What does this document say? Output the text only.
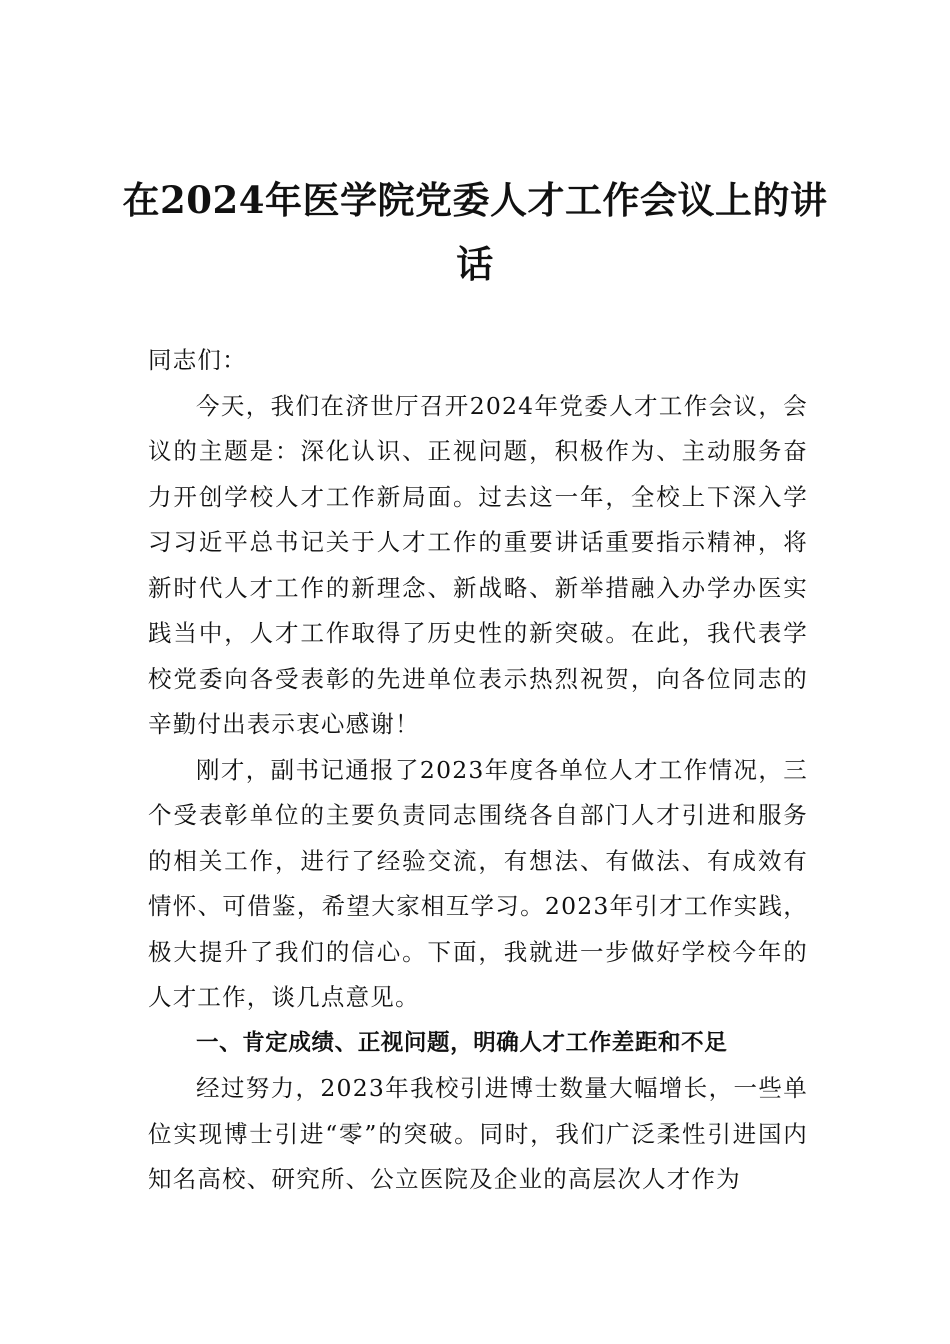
在2024年医学院党委人才工作会议上的讲话

同志们：

今天，我们在济世厅召开2024年党委人才工作会议，会议的主题是：深化认识、正视问题，积极作为、主动服务奋力开创学校人才工作新局面。过去这一年，全校上下深入学习习近平总书记关于人才工作的重要讲话重要指示精神，将新时代人才工作的新理念、新战略、新举措融入办学办医实践当中，人才工作取得了历史性的新突破。在此，我代表学校党委向各受表彰的先进单位表示热烈祝贺，向各位同志的辛勤付出表示衷心感谢！

刚才，副书记通报了2023年度各单位人才工作情况，三个受表彰单位的主要负责同志围绕各自部门人才引进和服务的相关工作，进行了经验交流，有想法、有做法、有成效有情怀、可借鉴，希望大家相互学习。2023年引才工作实践，极大提升了我们的信心。下面，我就进一步做好学校今年的人才工作，谈几点意见。

一、肯定成绩、正视问题，明确人才工作差距和不足

经过努力，2023年我校引进博士数量大幅增长，一些单位实现博士引进“零”的突破。同时，我们广泛柔性引进国内知名高校、研究所、公立医院及企业的高层次人才作为
